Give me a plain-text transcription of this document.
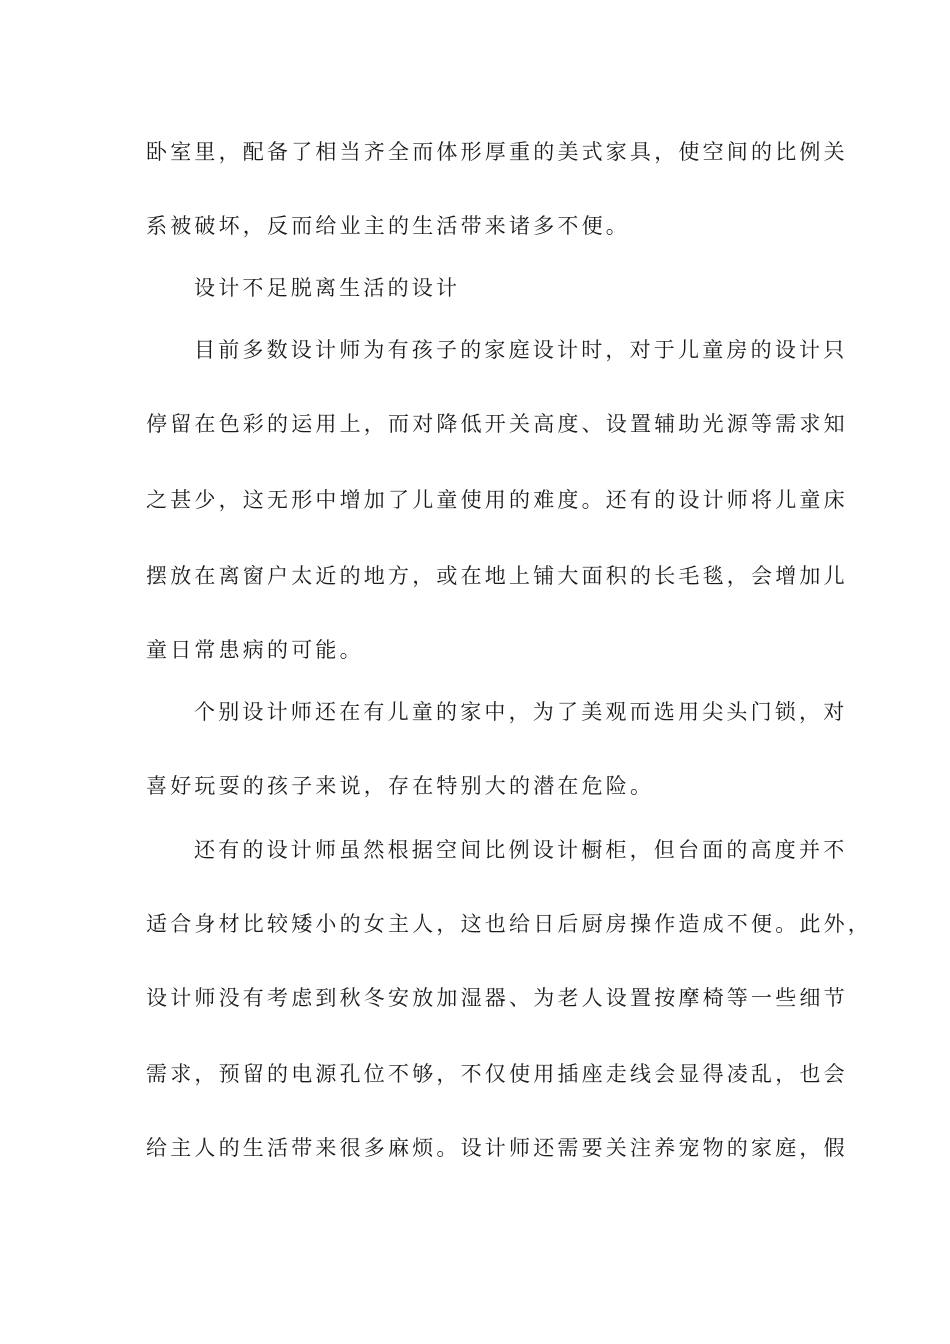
卧室里，配备了相当齐全而体形厚重的美式家具，使空间的比例关
系被破坏，反而给业主的生活带来诸多不便。
设计不足脱离生活的设计
目前多数设计师为有孩子的家庭设计时，对于儿童房的设计只
停留在色彩的运用上，而对降低开关高度、设置辅助光源等需求知
之甚少，这无形中增加了儿童使用的难度。还有的设计师将儿童床
摆放在离窗户太近的地方，或在地上铺大面积的长毛毯，会增加儿
童日常患病的可能。
个别设计师还在有儿童的家中，为了美观而选用尖头门锁，对
喜好玩耍的孩子来说，存在特别大的潜在危险。
还有的设计师虽然根据空间比例设计橱柜，但台面的高度并不
适合身材比较矮小的女主人，这也给日后厨房操作造成不便。此外，
设计师没有考虑到秋冬安放加湿器、为老人设置按摩椅等一些细节
需求，预留的电源孔位不够，不仅使用插座走线会显得凌乱，也会
给主人的生活带来很多麻烦。设计师还需要关注养宠物的家庭，假
